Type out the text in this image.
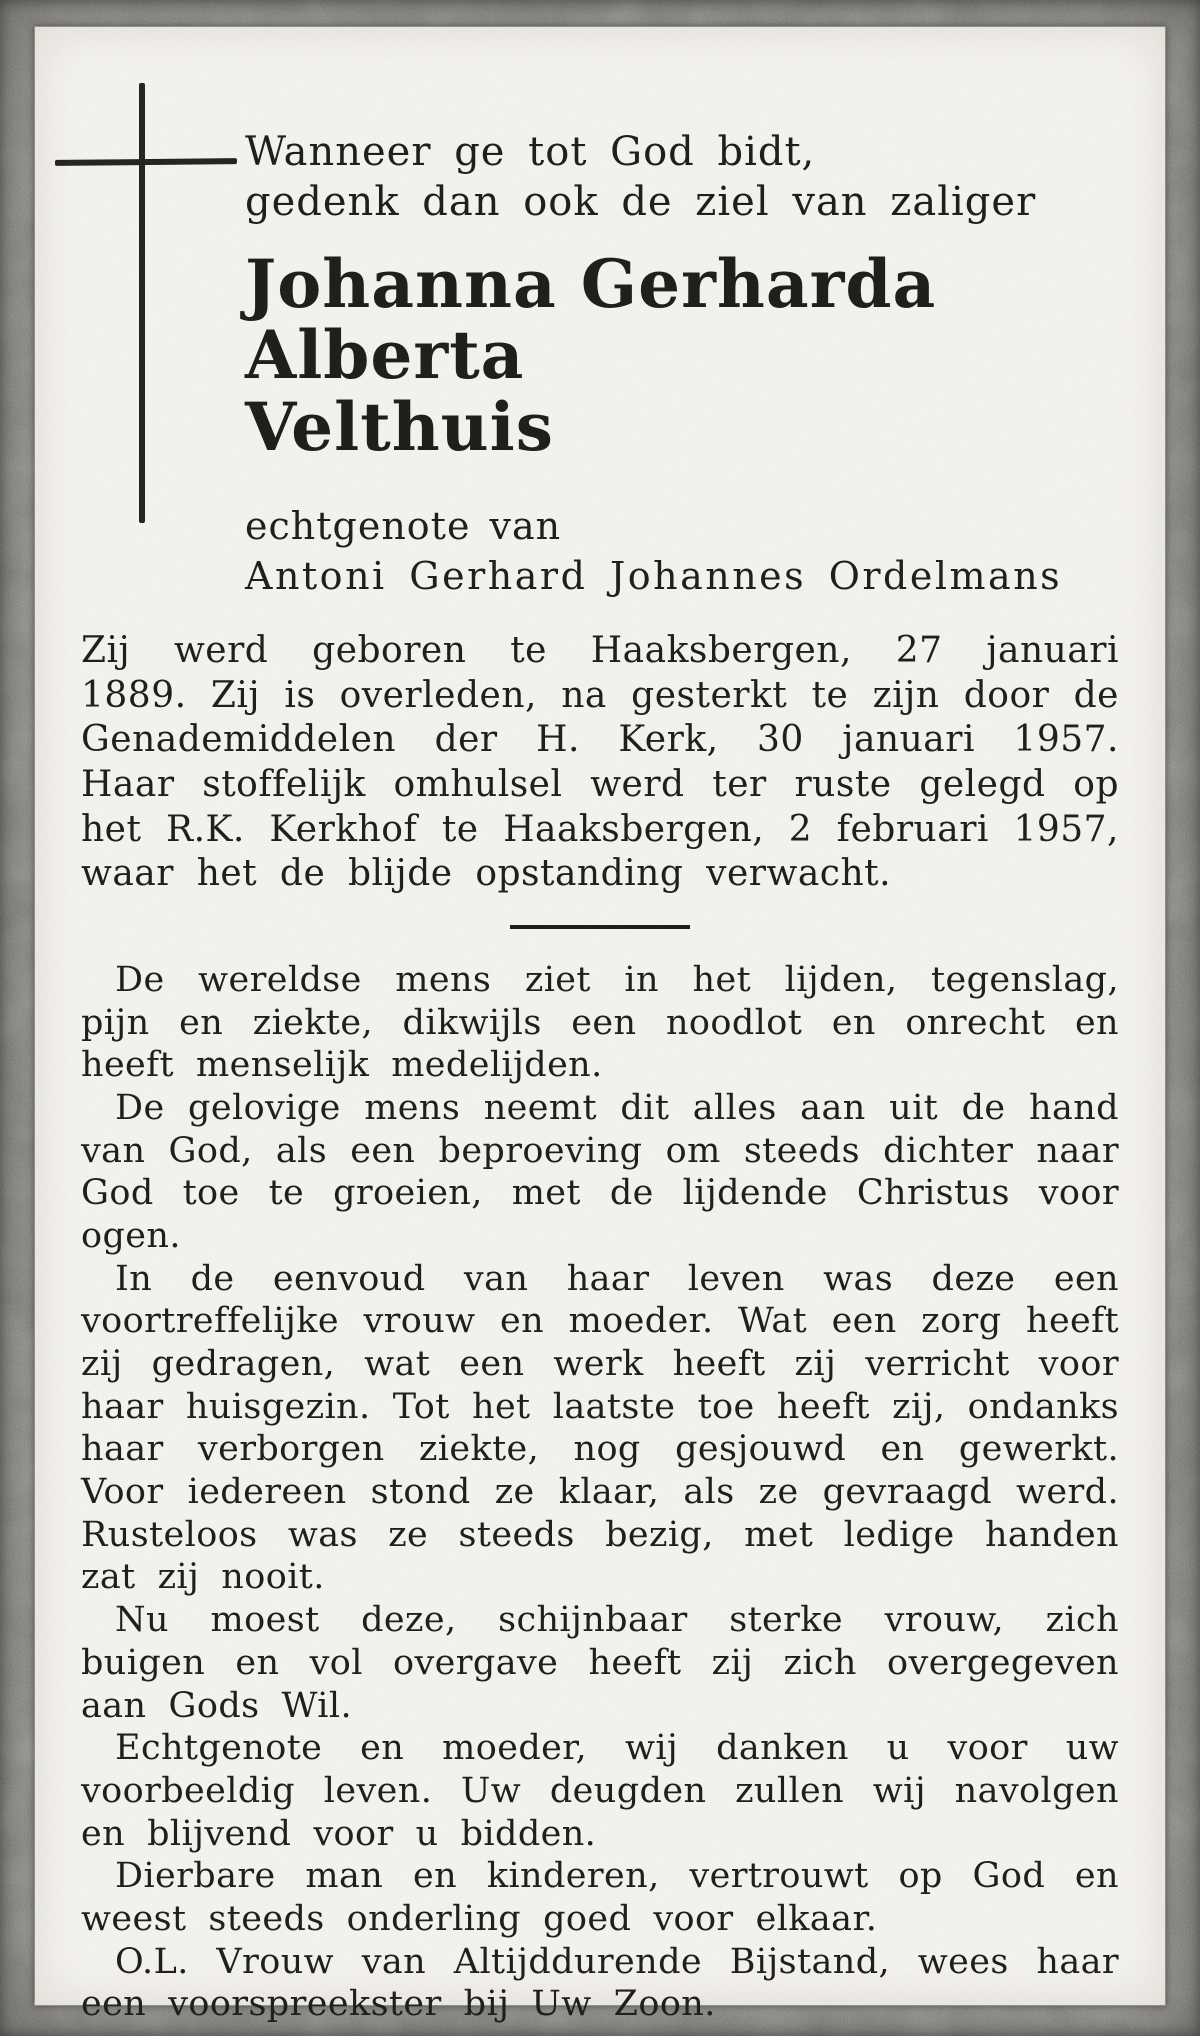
Wanneer ge tot God bidt,
gedenk dan ook de ziel van zaliger
Johanna Gerharda Alberta
Velthuis
echtgenote van
Antoni Gerhard Johannes Ordelmans

Zij werd geboren te Haaksbergen, 27 januari 1889. Zij is overleden, na gesterkt te zijn door de Genademiddelen der H. Kerk, 30 januari 1957. Haar stoffelijk omhulsel werd ter ruste gelegd op het R.K. Kerkhof te Haaksbergen, 2 februari 1957, waar het de blijde opstanding verwacht.

De wereldse mens ziet in het lijden, tegenslag, pijn en ziekte, dikwijls een noodlot en onrecht en heeft menselijk medelijden.

De gelovige mens neemt dit alles aan uit de hand van God, als een beproeving om steeds dichter naar God toe te groeien, met de lijdende Christus voor ogen.

In de eenvoud van haar leven was deze een voortreffelijke vrouw en moeder. Wat een zorg heeft zij gedragen, wat een werk heeft zij verricht voor haar huisgezin. Tot het laatste toe heeft zij, ondanks haar verborgen ziekte, nog gesjouwd en gewerkt. Voor iedereen stond ze klaar, als ze gevraagd werd. Rusteloos was ze steeds bezig, met ledige handen zat zij nooit.

Nu moest deze, schijnbaar sterke vrouw, zich buigen en vol overgave heeft zij zich overgegeven aan Gods Wil.

Echtgenote en moeder, wij danken u voor uw voorbeeldig leven. Uw deugden zullen wij navolgen en blijvend voor u bidden.

Dierbare man en kinderen, vertrouwt op God en weest steeds onderling goed voor elkaar.

O.L. Vrouw van Altijddurende Bijstand, wees haar een voorspreekster bij Uw Zoon.
